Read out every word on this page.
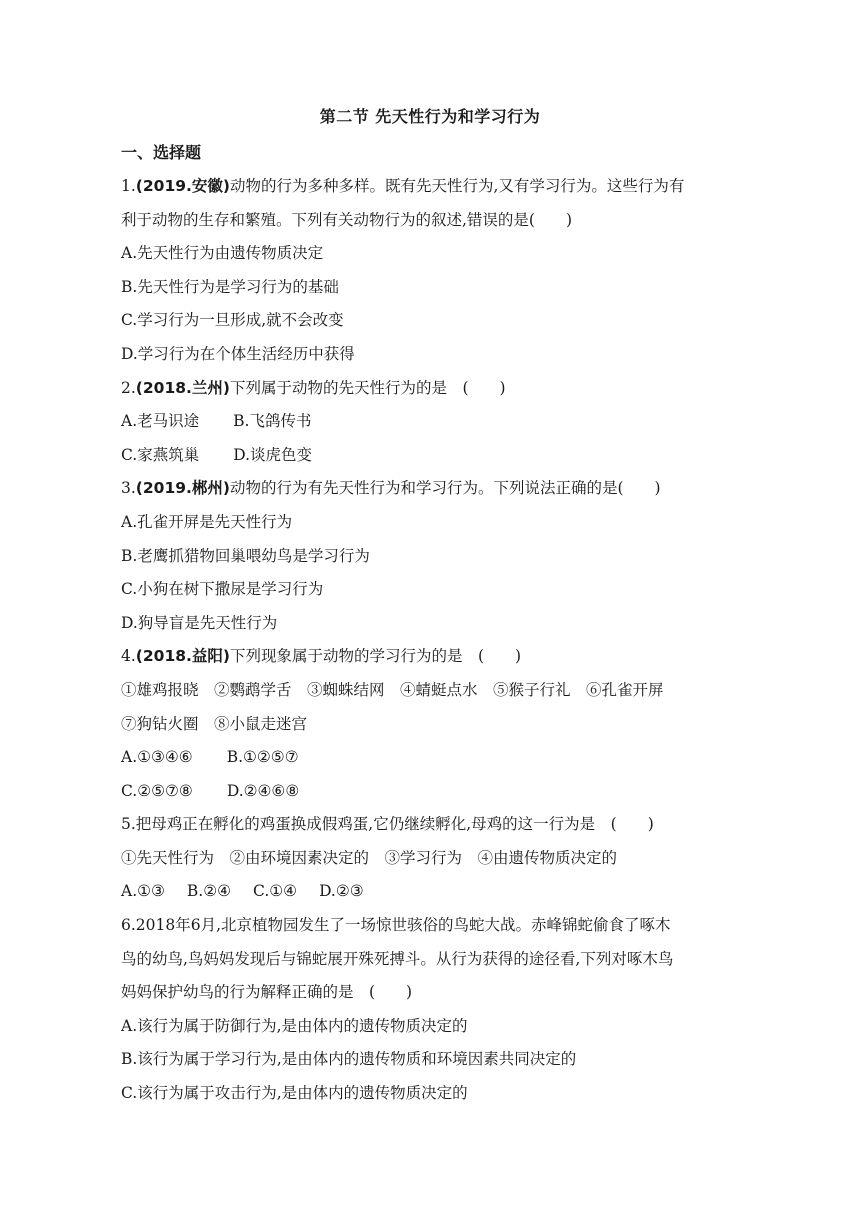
第二节 先天性行为和学习行为
一、选择题
1.(2019.安徽)动物的行为多种多样。既有先天性行为,又有学习行为。这些行为有
利于动物的生存和繁殖。下列有关动物行为的叙述,错误的是(　　)
A.先天性行为由遗传物质决定
B.先天性行为是学习行为的基础
C.学习行为一旦形成,就不会改变
D.学习行为在个体生活经历中获得
2.(2018.兰州)下列属于动物的先天性行为的是　(　　)
A.老马识途 B.飞鸽传书
C.家燕筑巢 D.谈虎色变
3.(2019.郴州)动物的行为有先天性行为和学习行为。下列说法正确的是(　　)
A.孔雀开屏是先天性行为
B.老鹰抓猎物回巢喂幼鸟是学习行为
C.小狗在树下撒尿是学习行为
D.狗导盲是先天性行为
4.(2018.益阳)下列现象属于动物的学习行为的是　(　　)
①雄鸡报晓　②鹦鹉学舌　③蜘蛛结网　④蜻蜓点水　⑤猴子行礼　⑥孔雀开屏
⑦狗钻火圈　⑧小鼠走迷宫
A.①③④⑥ B.①②⑤⑦
C.②⑤⑦⑧ D.②④⑥⑧
5.把母鸡正在孵化的鸡蛋换成假鸡蛋,它仍继续孵化,母鸡的这一行为是　(　　)
①先天性行为　②由环境因素决定的　③学习行为　④由遗传物质决定的
A.①③ B.②④ C.①④ D.②③
6.2018年6月,北京植物园发生了一场惊世骇俗的鸟蛇大战。赤峰锦蛇偷食了啄木
鸟的幼鸟,鸟妈妈发现后与锦蛇展开殊死搏斗。从行为获得的途径看,下列对啄木鸟
妈妈保护幼鸟的行为解释正确的是　(　　)
A.该行为属于防御行为,是由体内的遗传物质决定的
B.该行为属于学习行为,是由体内的遗传物质和环境因素共同决定的
C.该行为属于攻击行为,是由体内的遗传物质决定的
